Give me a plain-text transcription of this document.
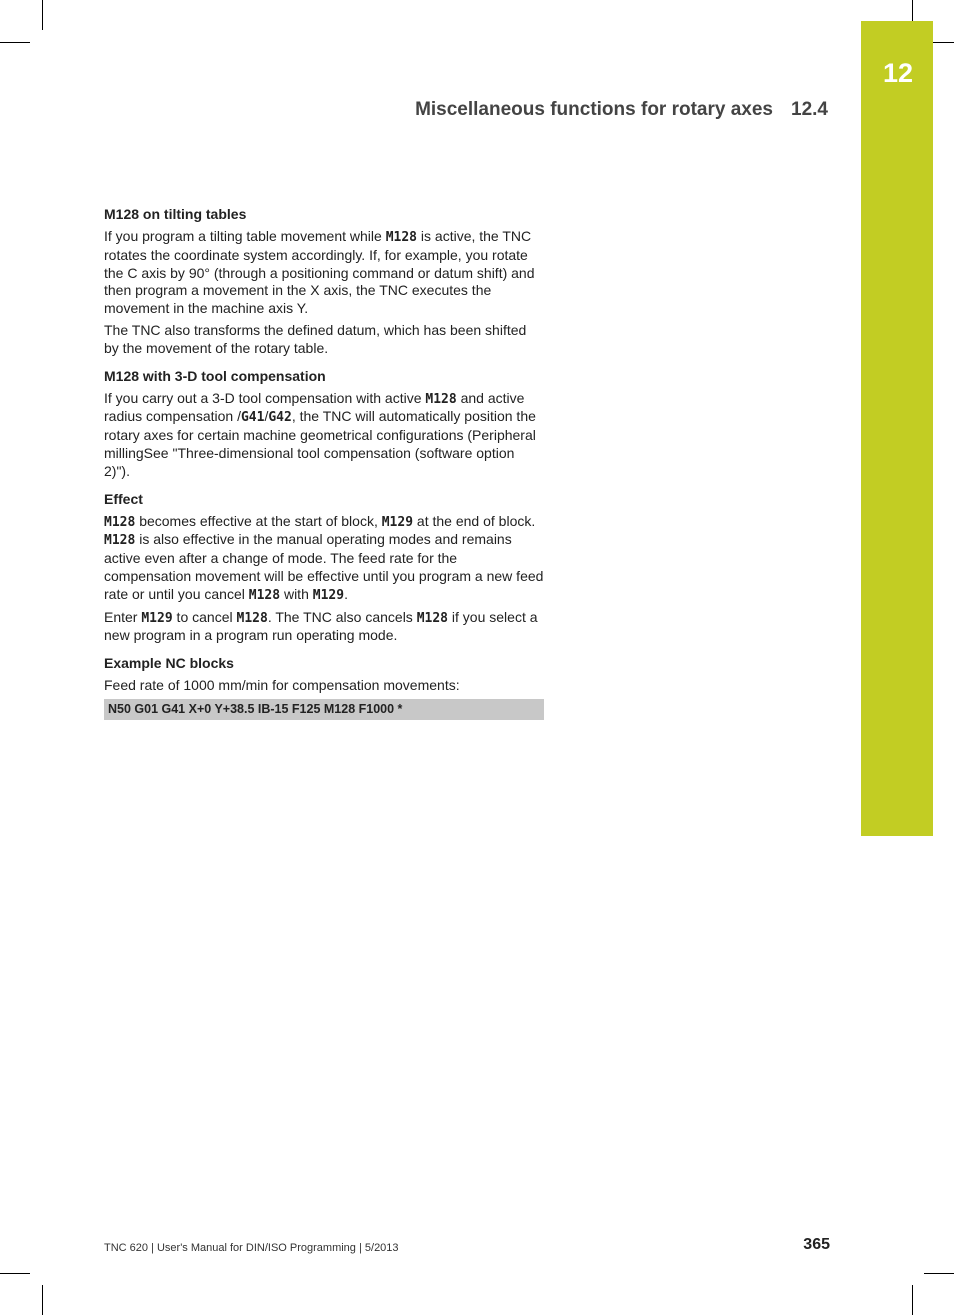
12
Miscellaneous functions for rotary axes 12.4
M128 on tilting tables

If you program a tilting table movement while M128 is active, the TNC rotates the coordinate system accordingly. If, for example, you rotate the C axis by 90° (through a positioning command or datum shift) and then program a movement in the X axis, the TNC executes the movement in the machine axis Y.

The TNC also transforms the defined datum, which has been shifted by the movement of the rotary table.

M128 with 3-D tool compensation

If you carry out a 3-D tool compensation with active M128 and active radius compensation /G41/G42, the TNC will automatically position the rotary axes for certain machine geometrical configurations (Peripheral millingSee "Three-dimensional tool compensation (software option 2)").

Effect

M128 becomes effective at the start of block, M129 at the end of block. M128 is also effective in the manual operating modes and remains active even after a change of mode. The feed rate for the compensation movement will be effective until you program a new feed rate or until you cancel M128 with M129.

Enter M129 to cancel M128. The TNC also cancels M128 if you select a new program in a program run operating mode.

Example NC blocks

Feed rate of 1000 mm/min for compensation movements:

N50 G01 G41 X+0 Y+38.5 IB-15 F125 M128 F1000 *
TNC 620 | User's Manual for DIN/ISO Programming | 5/2013	365
